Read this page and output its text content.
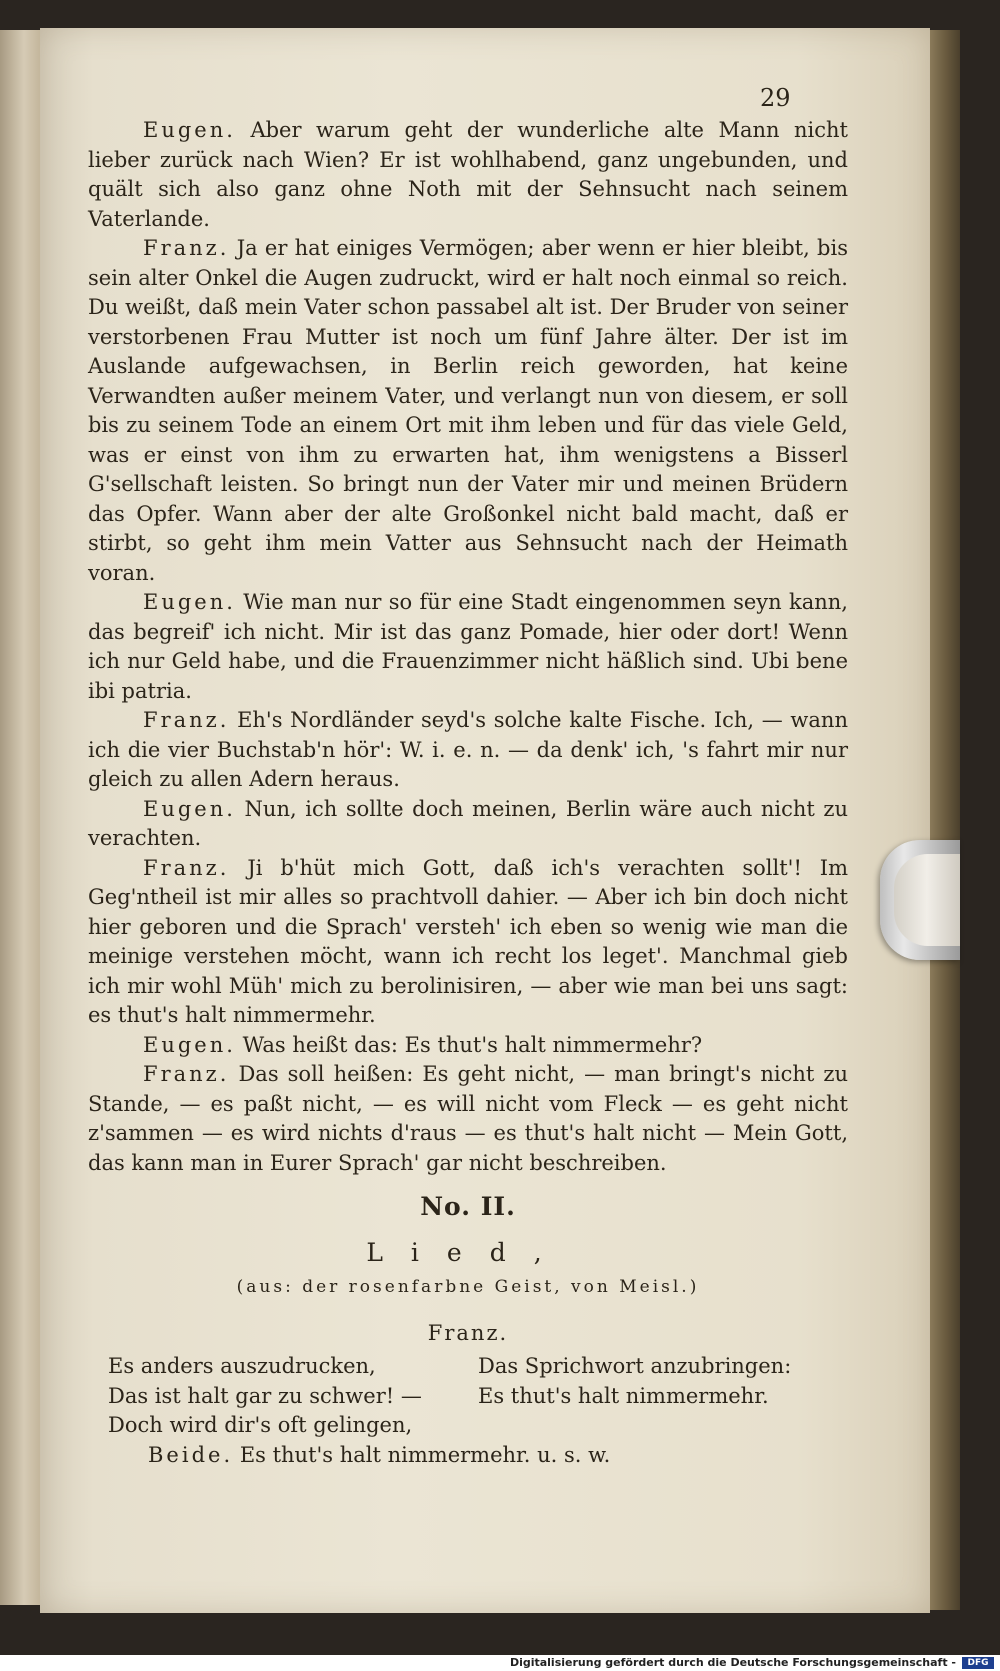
29

Eugen. Aber warum geht der wunderliche alte Mann nicht lieber zurück nach Wien? Er ist wohlhabend, ganz ungebunden, und quält sich also ganz ohne Noth mit der Sehnsucht nach seinem Vaterlande.

Franz. Ja er hat einiges Vermögen; aber wenn er hier bleibt, bis sein alter Onkel die Augen zudruckt, wird er halt noch einmal so reich. Du weißt, daß mein Vater schon passabel alt ist. Der Bruder von seiner verstorbenen Frau Mutter ist noch um fünf Jahre älter. Der ist im Auslande aufgewachsen, in Berlin reich geworden, hat keine Verwandten außer meinem Vater, und verlangt nun von diesem, er soll bis zu seinem Tode an einem Ort mit ihm leben und für das viele Geld, was er einst von ihm zu erwarten hat, ihm wenigstens a Bisserl G'sellschaft leisten. So bringt nun der Vater mir und meinen Brüdern das Opfer. Wann aber der alte Großonkel nicht bald macht, daß er stirbt, so geht ihm mein Vatter aus Sehnsucht nach der Heimath voran.

Eugen. Wie man nur so für eine Stadt eingenommen seyn kann, das begreif' ich nicht. Mir ist das ganz Pomade, hier oder dort! Wenn ich nur Geld habe, und die Frauenzimmer nicht häßlich sind. Ubi bene ibi patria.

Franz. Eh's Nordländer seyd's solche kalte Fische. Ich, — wann ich die vier Buchstab'n hör': W. i. e. n. — da denk' ich, 's fahrt mir nur gleich zu allen Adern heraus.

Eugen. Nun, ich sollte doch meinen, Berlin wäre auch nicht zu verachten.

Franz. Ji b'hüt mich Gott, daß ich's verachten sollt'! Im Geg'ntheil ist mir alles so prachtvoll dahier. — Aber ich bin doch nicht hier geboren und die Sprach' versteh' ich eben so wenig wie man die meinige verstehen möcht, wann ich recht los leget'. Manchmal gieb ich mir wohl Müh' mich zu berolinisiren, — aber wie man bei uns sagt: es thut's halt nimmermehr.

Eugen. Was heißt das: Es thut's halt nimmermehr?

Franz. Das soll heißen: Es geht nicht, — man bringt's nicht zu Stande, — es paßt nicht, — es will nicht vom Fleck — es geht nicht z'sammen — es wird nichts d'raus — es thut's halt nicht — Mein Gott, das kann man in Eurer Sprach' gar nicht beschreiben.

No. II.
Lied,
(aus: der rosenfarbne Geist, von Meisl.)
Franz.
Es anders auszudrucken,	Das Sprichwort anzubringen:
Das ist halt gar zu schwer! —	Es thut's halt nimmermehr.
Doch wird dir's oft gelingen,
Beide. Es thut's halt nimmermehr. u. s. w.
Digitalisierung gefördert durch die Deutsche Forschungsgemeinschaft -	DFG
